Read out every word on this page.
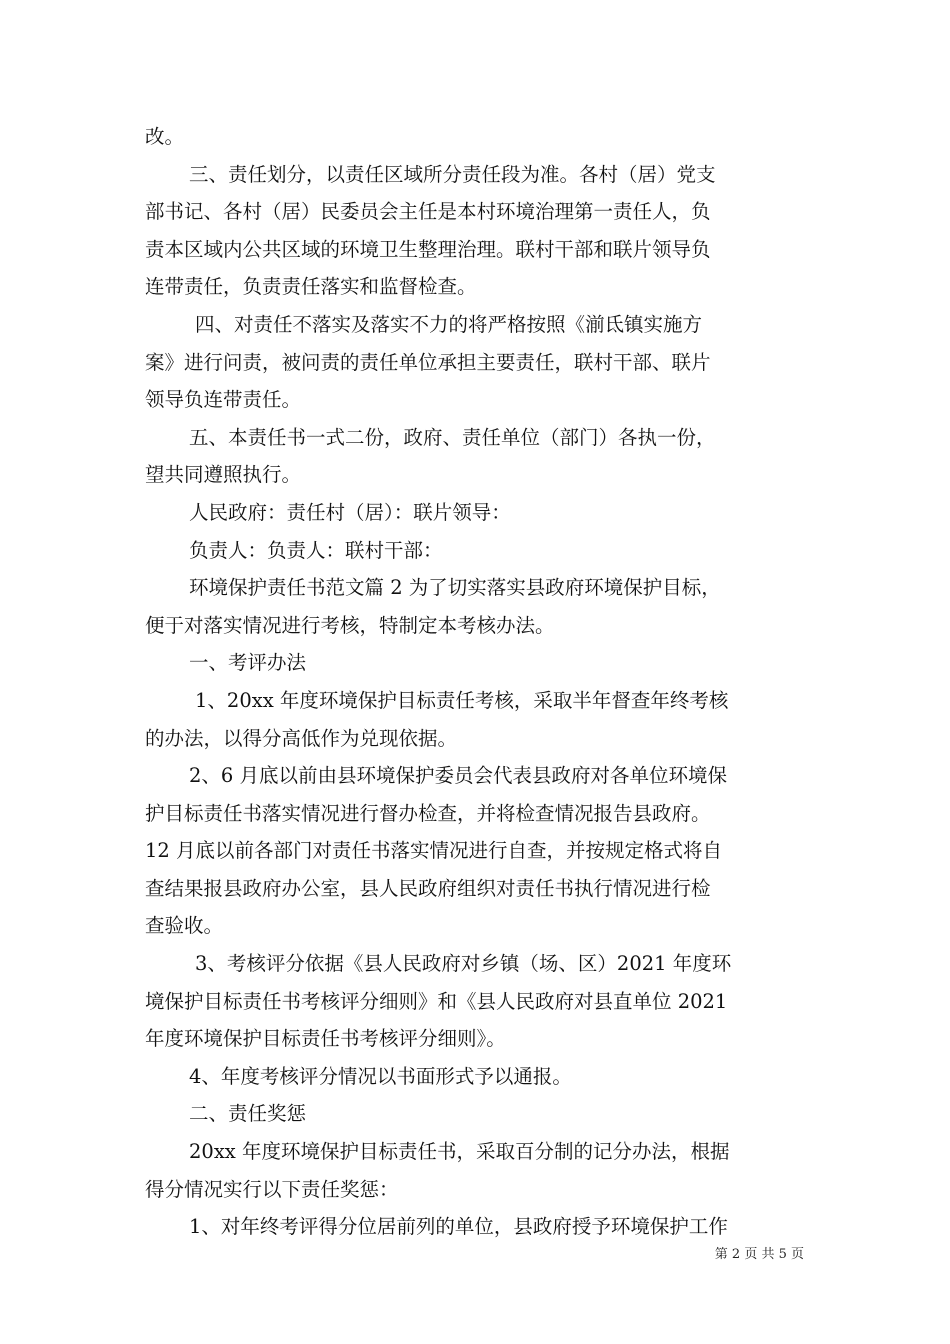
改。
三、责任划分，以责任区域所分责任段为准。各村（居）党支
部书记、各村（居）民委员会主任是本村环境治理第一责任人，负
责本区域内公共区域的环境卫生整理治理。联村干部和联片领导负
连带责任，负责责任落实和监督检查。
四、对责任不落实及落实不力的将严格按照《湔氐镇实施方
案》进行问责，被问责的责任单位承担主要责任，联村干部、联片
领导负连带责任。
五、本责任书一式二份，政府、责任单位（部门）各执一份，
望共同遵照执行。
人民政府：责任村（居）：联片领导：
负责人：负责人：联村干部：
环境保护责任书范文篇 2 为了切实落实县政府环境保护目标，
便于对落实情况进行考核，特制定本考核办法。
一、考评办法
1、20xx 年度环境保护目标责任考核，采取半年督查年终考核
的办法，以得分高低作为兑现依据。
2、6 月底以前由县环境保护委员会代表县政府对各单位环境保
护目标责任书落实情况进行督办检查，并将检查情况报告县政府。
12 月底以前各部门对责任书落实情况进行自查，并按规定格式将自
查结果报县政府办公室，县人民政府组织对责任书执行情况进行检
查验收。
3、考核评分依据《县人民政府对乡镇（场、区）2021 年度环
境保护目标责任书考核评分细则》和《县人民政府对县直单位 2021
年度环境保护目标责任书考核评分细则》。
4、年度考核评分情况以书面形式予以通报。
二、责任奖惩
20xx 年度环境保护目标责任书，采取百分制的记分办法，根据
得分情况实行以下责任奖惩：
1、对年终考评得分位居前列的单位，县政府授予环境保护工作
第 2 页 共 5 页
